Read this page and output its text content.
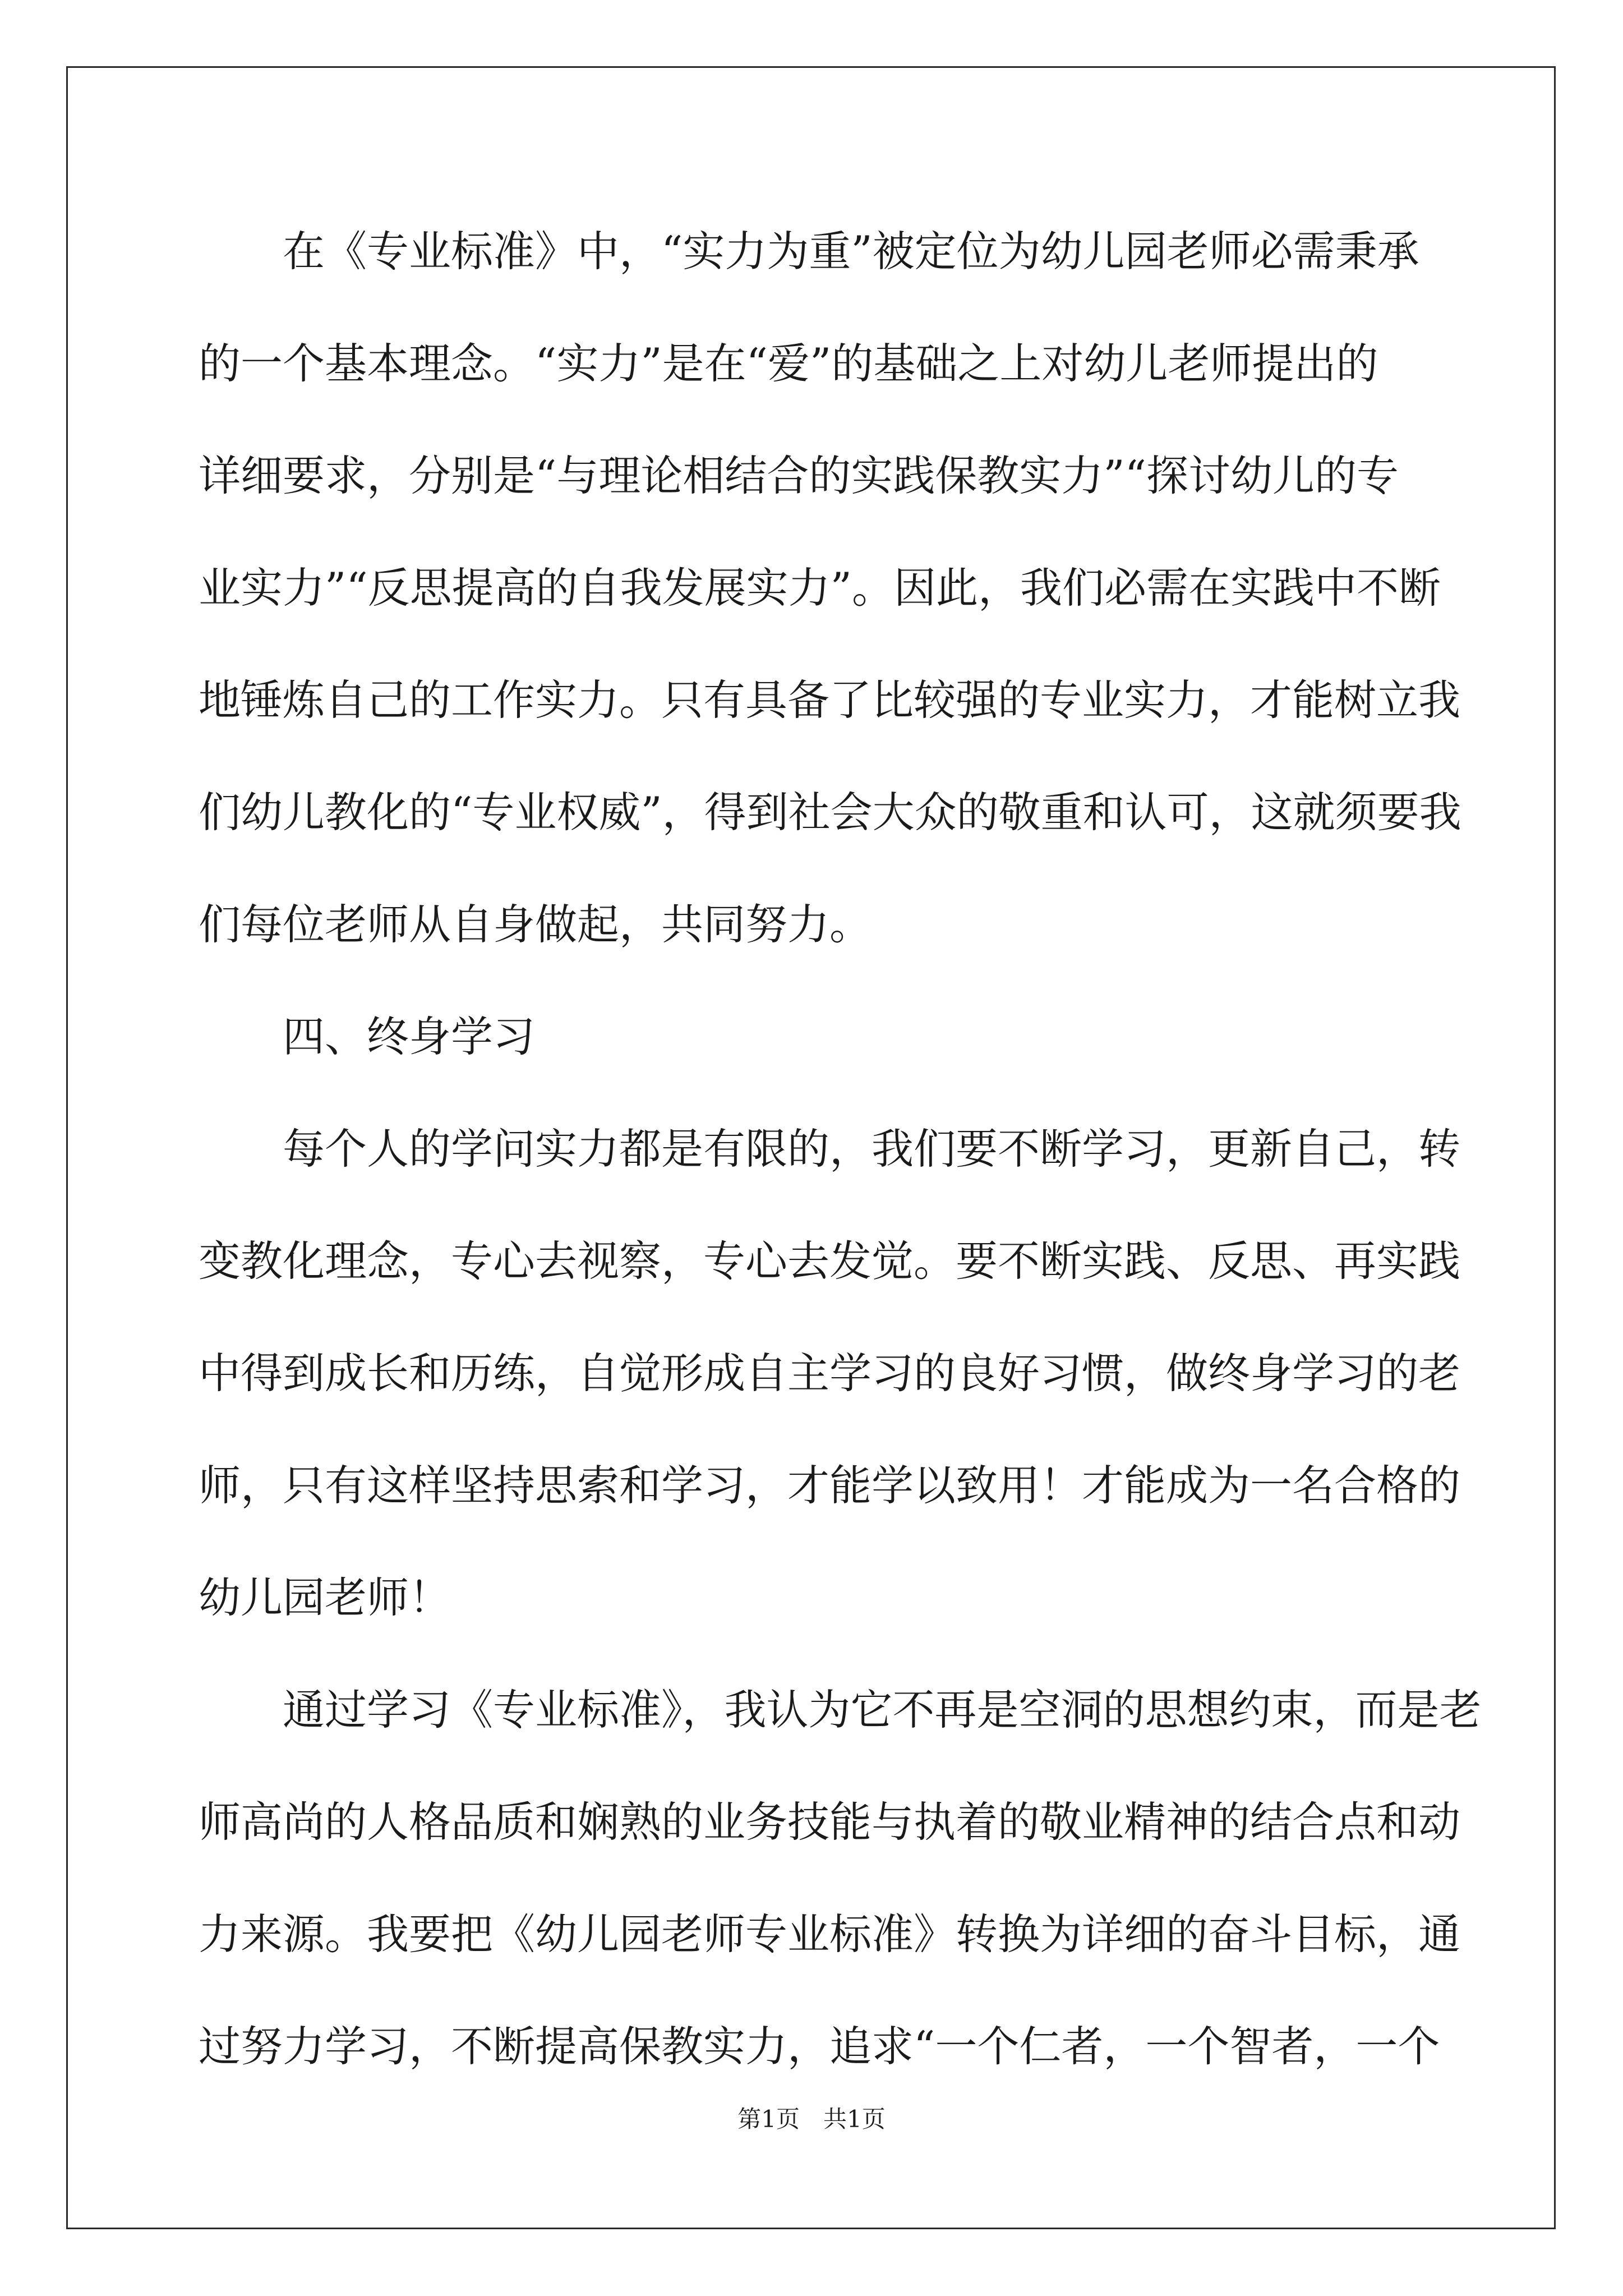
在《专业标准》中，“实力为重”被定位为幼儿园老师必需秉承
的一个基本理念。“实力”是在“爱”的基础之上对幼儿老师提出的
详细要求，分别是“与理论相结合的实践保教实力”“探讨幼儿的专
业实力”“反思提高的自我发展实力”。因此，我们必需在实践中不断
地锤炼自己的工作实力。只有具备了比较强的专业实力，才能树立我
们幼儿教化的“专业权威”，得到社会大众的敬重和认可，这就须要我
们每位老师从自身做起，共同努力。
四、终身学习
每个人的学问实力都是有限的，我们要不断学习，更新自己，转
变教化理念，专心去视察，专心去发觉。要不断实践、反思、再实践
中得到成长和历练，自觉形成自主学习的良好习惯，做终身学习的老
师，只有这样坚持思索和学习，才能学以致用！才能成为一名合格的
幼儿园老师！
通过学习《专业标准》，我认为它不再是空洞的思想约束，而是老
师高尚的人格品质和娴熟的业务技能与执着的敬业精神的结合点和动
力来源。我要把《幼儿园老师专业标准》转换为详细的奋斗目标，通
过努力学习，不断提高保教实力，追求“一个仁者，一个智者，一个
第1页　共1页
